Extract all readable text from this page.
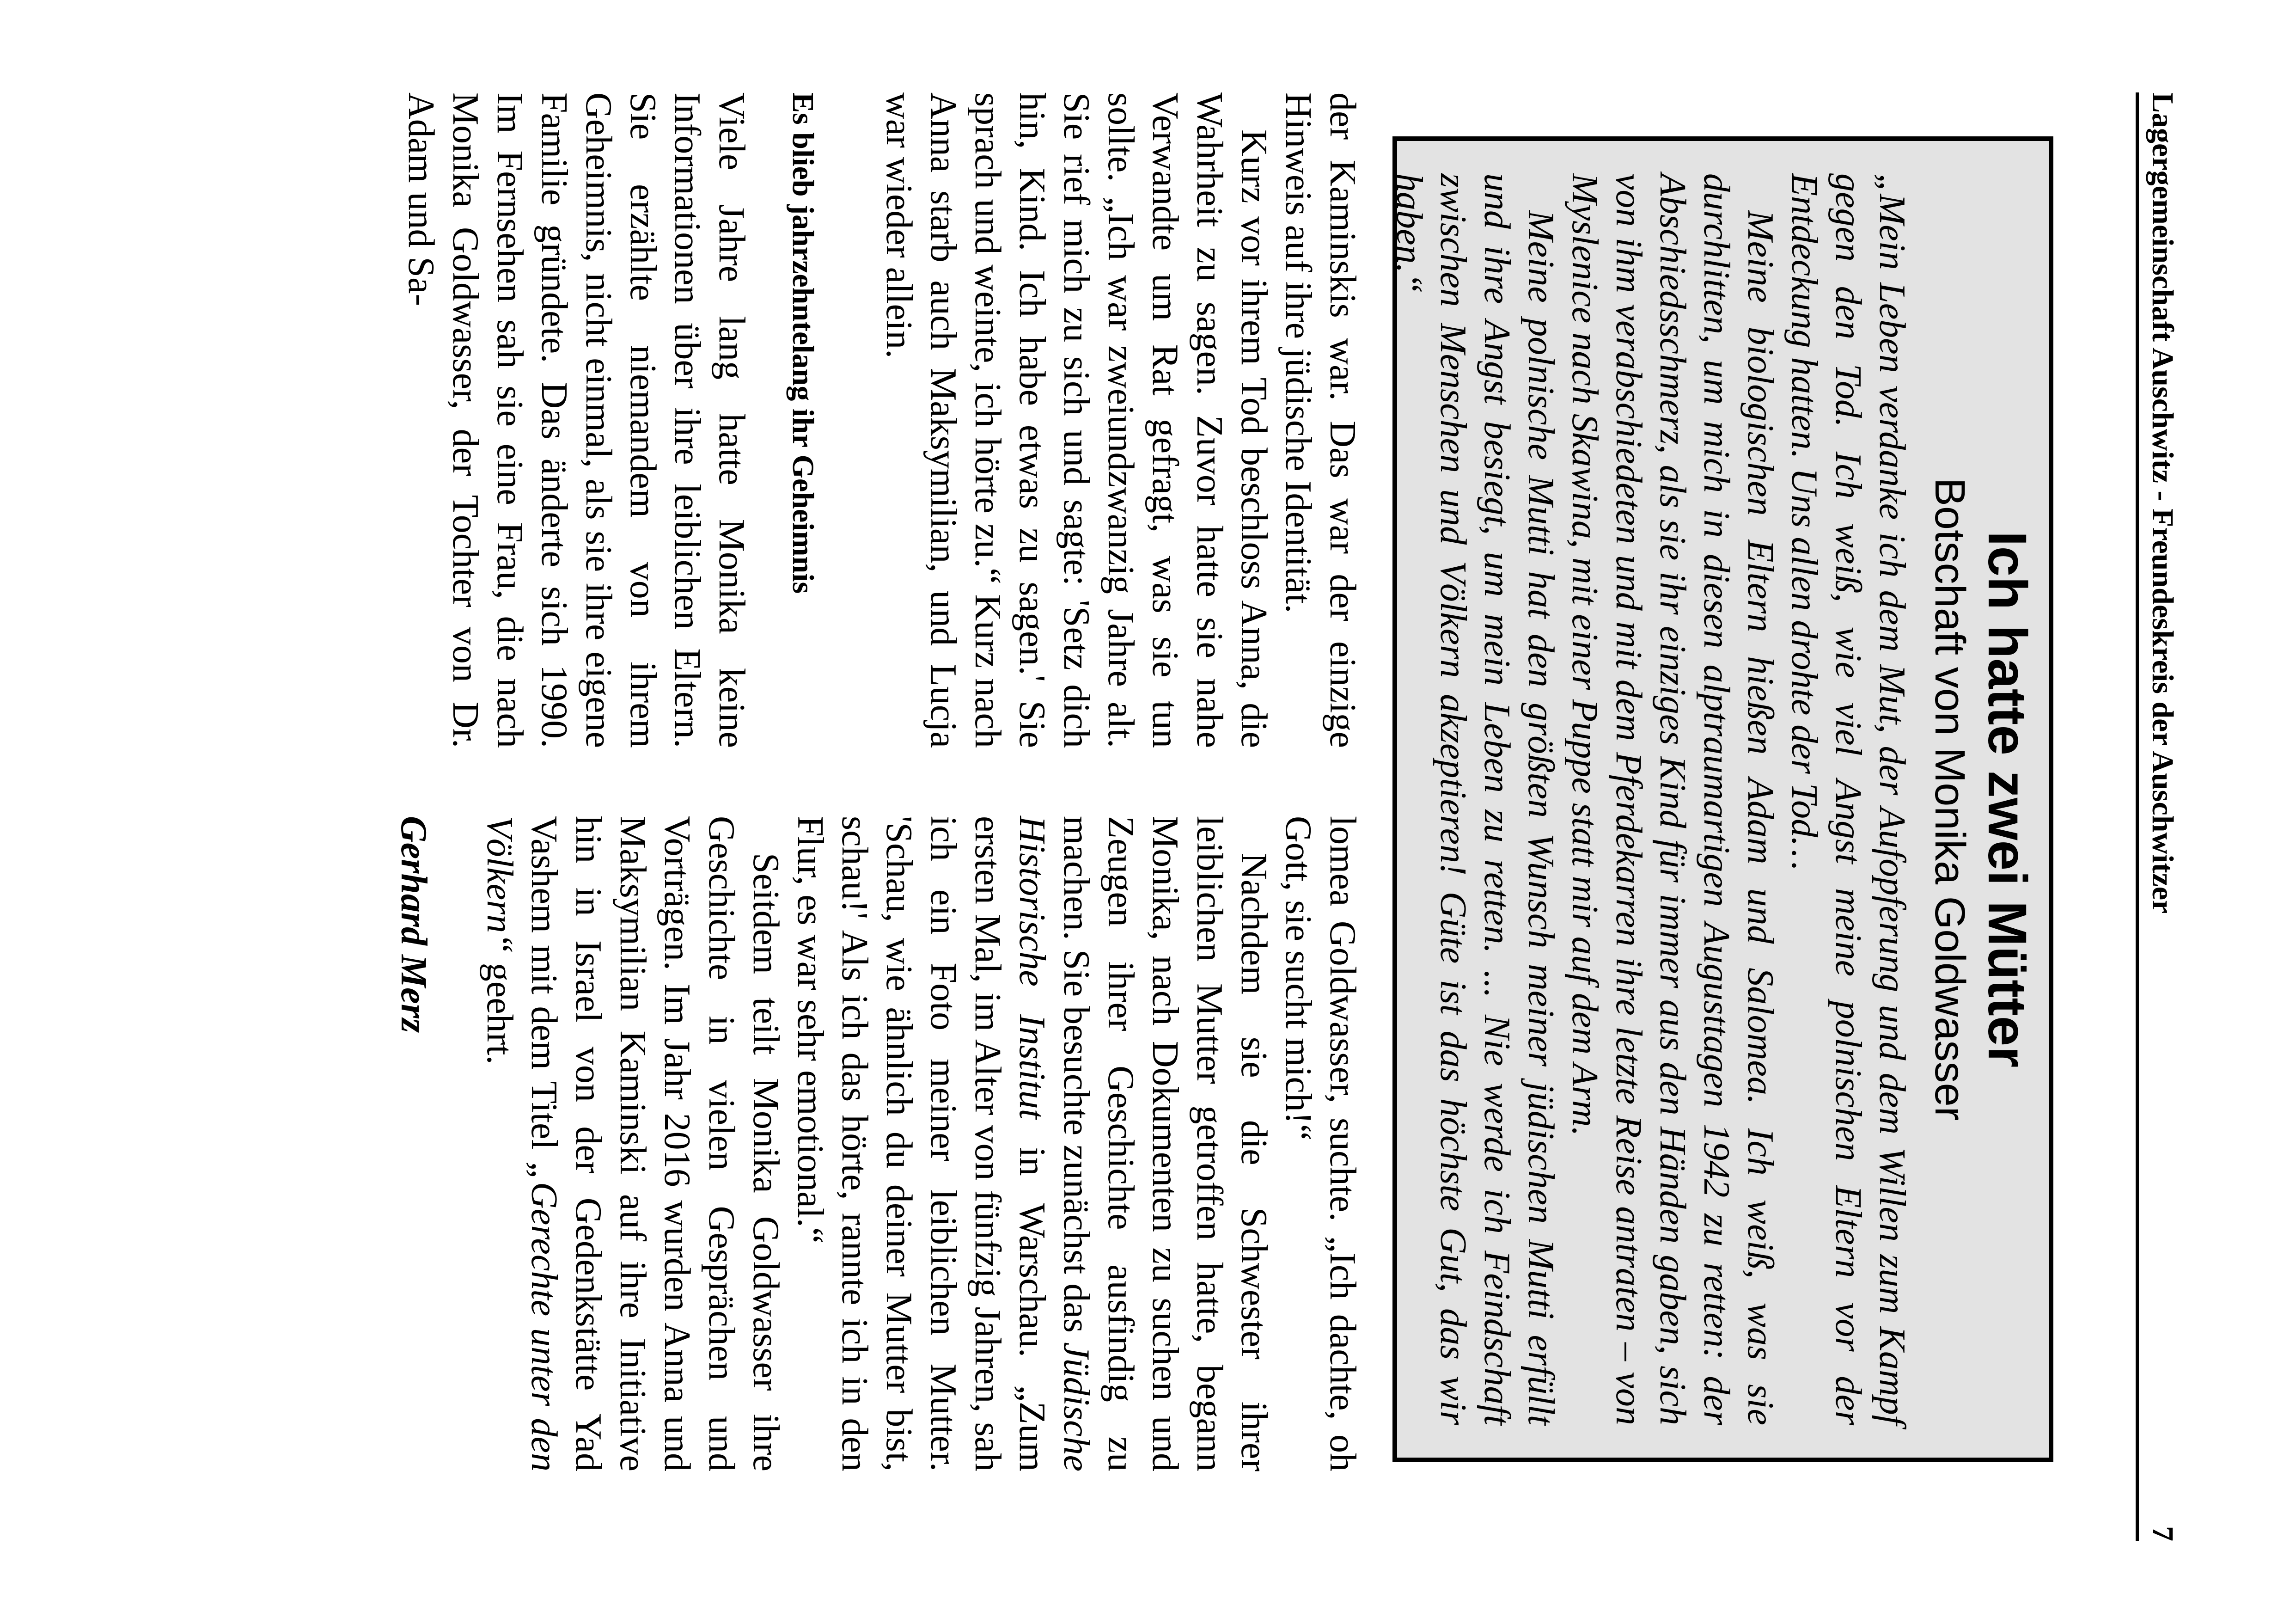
Lagergemeinschaft Auschwitz - Freundeskreis der Auschwitzer
7
Ich hatte zwei Mütter
Botschaft von Monika Goldwasser

„Mein Leben verdanke ich dem Mut, der Aufopferung und dem Willen zum Kampf gegen den Tod. Ich weiß, wie viel Angst meine polnischen Eltern vor der Entdeckung hatten. Uns allen drohte der Tod…

Meine biologischen Eltern hießen Adam und Salomea. Ich weiß, was sie durchlitten, um mich in diesen alptraumartigen Augusttagen 1942 zu retten: der Abschiedsschmerz, als sie ihr einziges Kind für immer aus den Händen gaben, sich von ihm verabschiedeten und mit dem Pferdekarren ihre letzte Reise antraten – von Myslenice nach Skawina, mit einer Puppe statt mir auf dem Arm.

Meine polnische Mutti hat den größten Wunsch meiner jüdischen Mutti erfüllt und ihre Angst besiegt, um mein Leben zu retten. ... Nie werde ich Feindschaft zwischen Menschen und Völkern akzeptieren! Güte ist das höchste Gut, das wir haben.“

der Kaminskis war. Das war der einzige Hinweis auf ihre jüdische Identität.

Kurz vor ihrem Tod beschloss Anna, die Wahrheit zu sagen. Zuvor hatte sie nahe Verwandte um Rat gefragt, was sie tun sollte. „Ich war zweiundzwanzig Jahre alt. Sie rief mich zu sich und sagte: 'Setz dich hin, Kind. Ich habe etwas zu sagen.' Sie sprach und weinte, ich hörte zu.“ Kurz nach Anna starb auch Maksymilian, und Lucja war wieder allein.

Es blieb jahrzehntelang ihr Geheimnis

Viele Jahre lang hatte Monika keine Informationen über ihre leiblichen Eltern. Sie erzählte niemandem von ihrem Geheimnis, nicht einmal, als sie ihre eigene Familie gründete. Das änderte sich 1990. Im Fernsehen sah sie eine Frau, die nach Monika Goldwasser, der Tochter von Dr. Adam und Sa-

lomea Goldwasser, suchte. „Ich dachte, oh Gott, sie sucht mich!“

Nachdem sie die Schwester ihrer leiblichen Mutter getroffen hatte, begann Monika, nach Dokumenten zu suchen und Zeugen ihrer Geschichte ausfindig zu machen. Sie besuchte zunächst das Jüdische Historische Institut in Warschau. „Zum ersten Mal, im Alter von fünfzig Jahren, sah ich ein Foto meiner leiblichen Mutter. 'Schau, wie ähnlich du deiner Mutter bist, schau!' Als ich das hörte, rannte ich in den Flur, es war sehr emotional.“

Seitdem teilt Monika Goldwasser ihre Geschichte in vielen Gesprächen und Vorträgen. Im Jahr 2016 wurden Anna und Maksymilian Kaminski auf ihre Initiative hin in Israel von der Gedenkstätte Yad Vashem mit dem Titel „Gerechte unter den Völkern“ geehrt.

Gerhard Merz
